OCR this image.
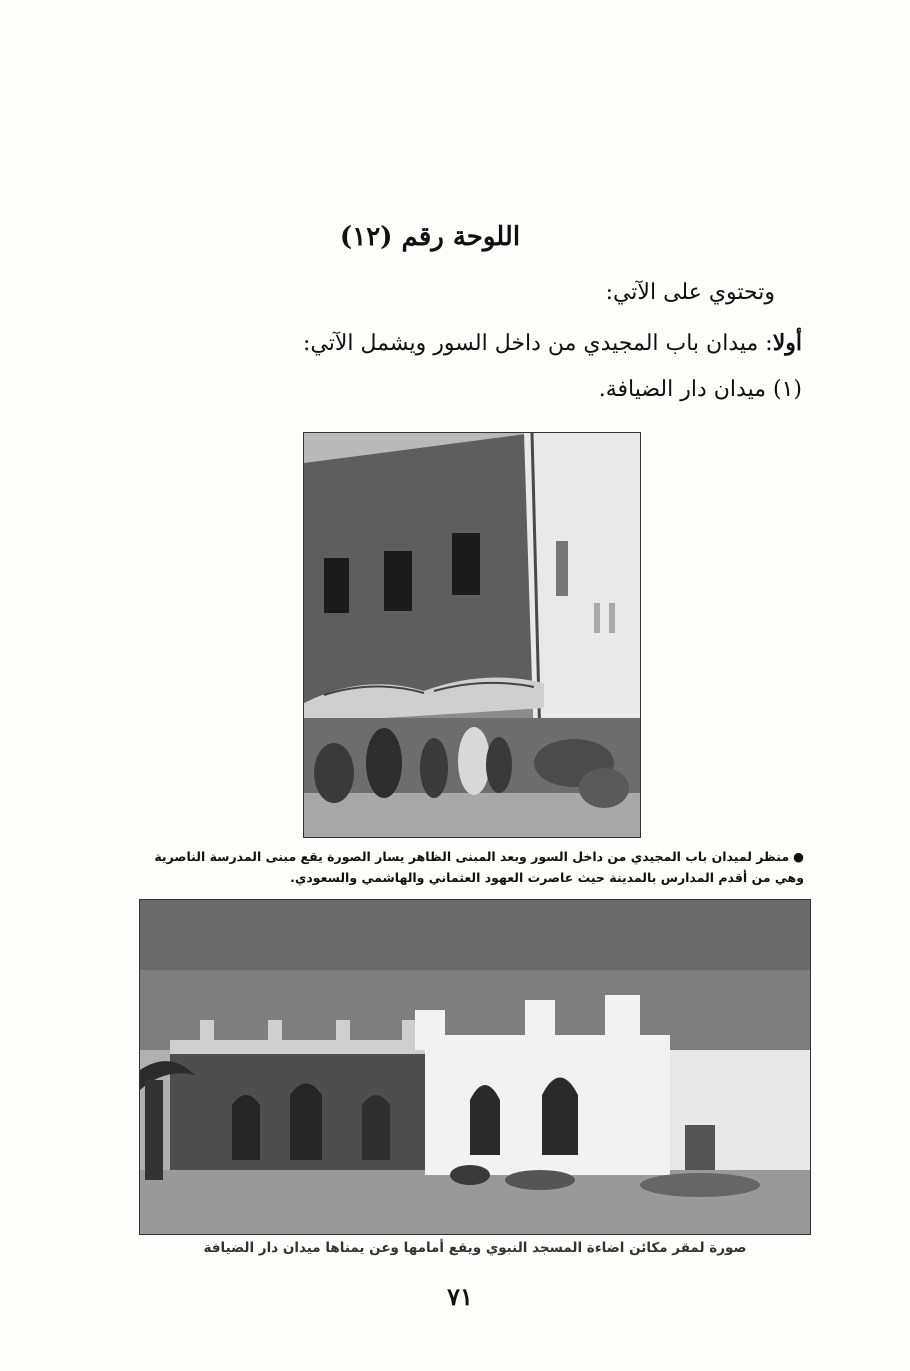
اللوحة رقم (١٢)
وتحتوي على الآتي:
أولا: ميدان باب المجيدي من داخل السور ويشمل الآتي:
(١) ميدان دار الضيافة.
●منظر لميدان باب المجيدي من داخل السور وبعد المبنى الظاهر يسار الصورة يقع مبنى المدرسة الناصرية وهي من أقدم المدارس بالمدينة حيث عاصرت العهود العثماني والهاشمي والسعودي.
صورة لمقر مكائن اضاءة المسجد النبوي ويقع أمامها وعن يمناها ميدان دار الضيافة
٧١
